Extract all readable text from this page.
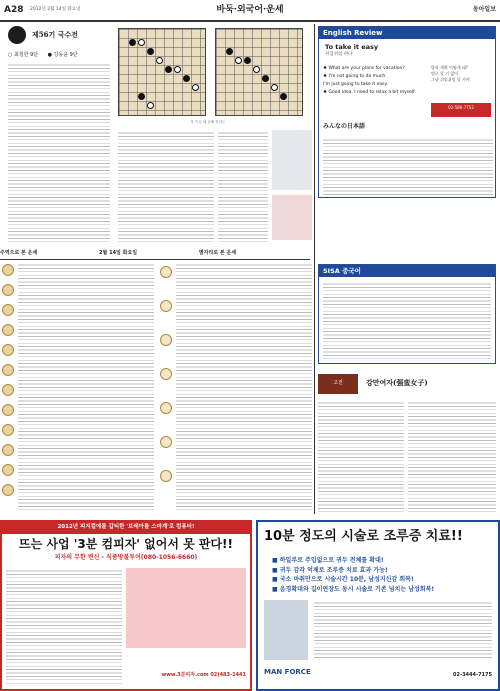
A28 2012년 2월 14일 화요일	바둑·외국어·운세	동아일보
제56기 국수전
○ 최철한 9단 ● 강동윤 9단
흑 이길 때 공배 정리는
English Review
To take it easy
쉬엄쉬엄 하다
♣ What are your plans for vacation?
♣ I'm not going to do much.
I'm just going to take it easy.
♣ Good idea. I need to relax a bit myself.
방학 계획 어떻게 돼?
별로 할 거 없어.
그냥 쉬엄쉬엄 할 거야.
02-586-7752
みんなの日本語
SISA 중국어
주역으로 본 운세	2월 14일 화요일	별자리로 본 운세
고전	강만여자(强蛮女子)
2012년 피지컬에를 갑티한 '브레아를 스마계'로 컴퓨터!
뜨는 사업 '3분 컴피자' 없어서 못 판다!!
피자의 무한 변신 - 식품방불투어(080-1056-6660)
www.3분피자.com 02)483-1441
10분 정도의 시술로 조루증 치료!!
■ 하일루로 주입없으로 귀두 전체를 확대!
■ 귀두 감각 억제로 조루증 치료 효과 가능!
■ 국소 마취만으로 시술시간 10분, 남성지신감 회복!
■ 음경확대와 길이연장도 동시 시술로 기존 넘치는 남성회복!
MAN FORCE	02-3444-7175
